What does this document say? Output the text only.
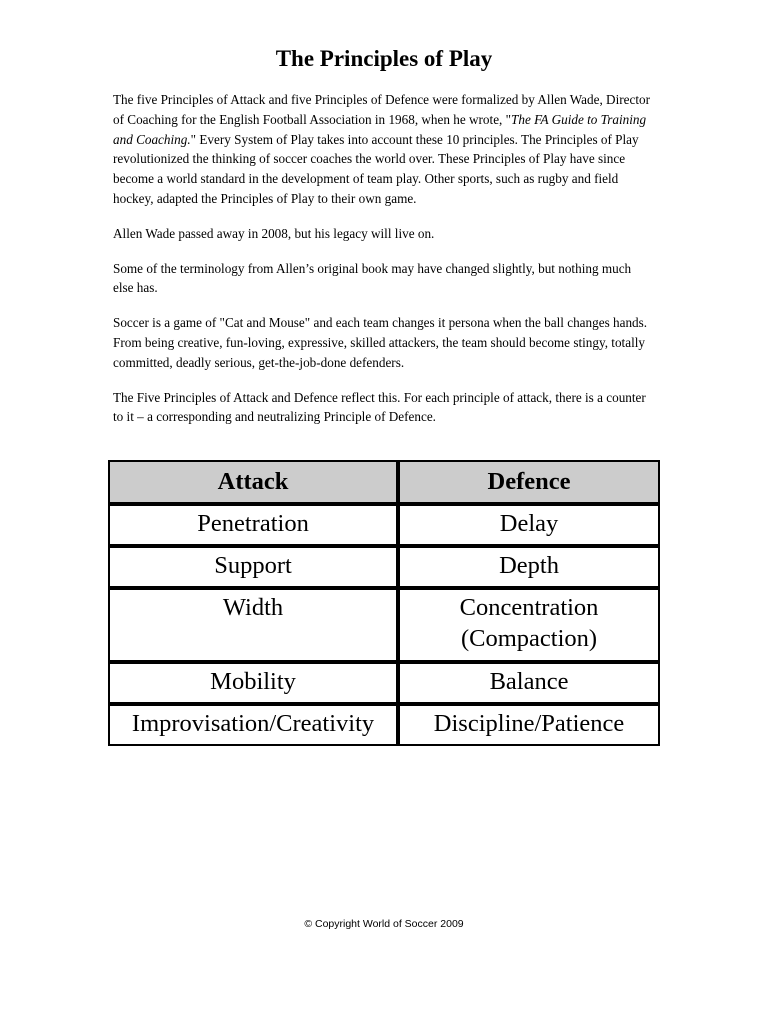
The Principles of Play

The five Principles of Attack and five Principles of Defence were formalized by Allen Wade, Director of Coaching for the English Football Association in 1968, when he wrote, "The FA Guide to Training and Coaching." Every System of Play takes into account these 10 principles. The Principles of Play revolutionized the thinking of soccer coaches the world over. These Principles of Play have since become a world standard in the development of team play. Other sports, such as rugby and field hockey, adapted the Principles of Play to their own game.

Allen Wade passed away in 2008, but his legacy will live on.

Some of the terminology from Allen’s original book may have changed slightly, but nothing much else has.

Soccer is a game of "Cat and Mouse" and each team changes it persona when the ball changes hands. From being creative, fun-loving, expressive, skilled attackers, the team should become stingy, totally committed, deadly serious, get-the-job-done defenders.

The Five Principles of Attack and Defence reflect this. For each principle of attack, there is a counter to it – a corresponding and neutralizing Principle of Defence.

Attack	Defence
Penetration	Delay
Support	Depth
Width	Concentration (Compaction)
Mobility	Balance
Improvisation/Creativity	Discipline/Patience
© Copyright World of Soccer 2009
